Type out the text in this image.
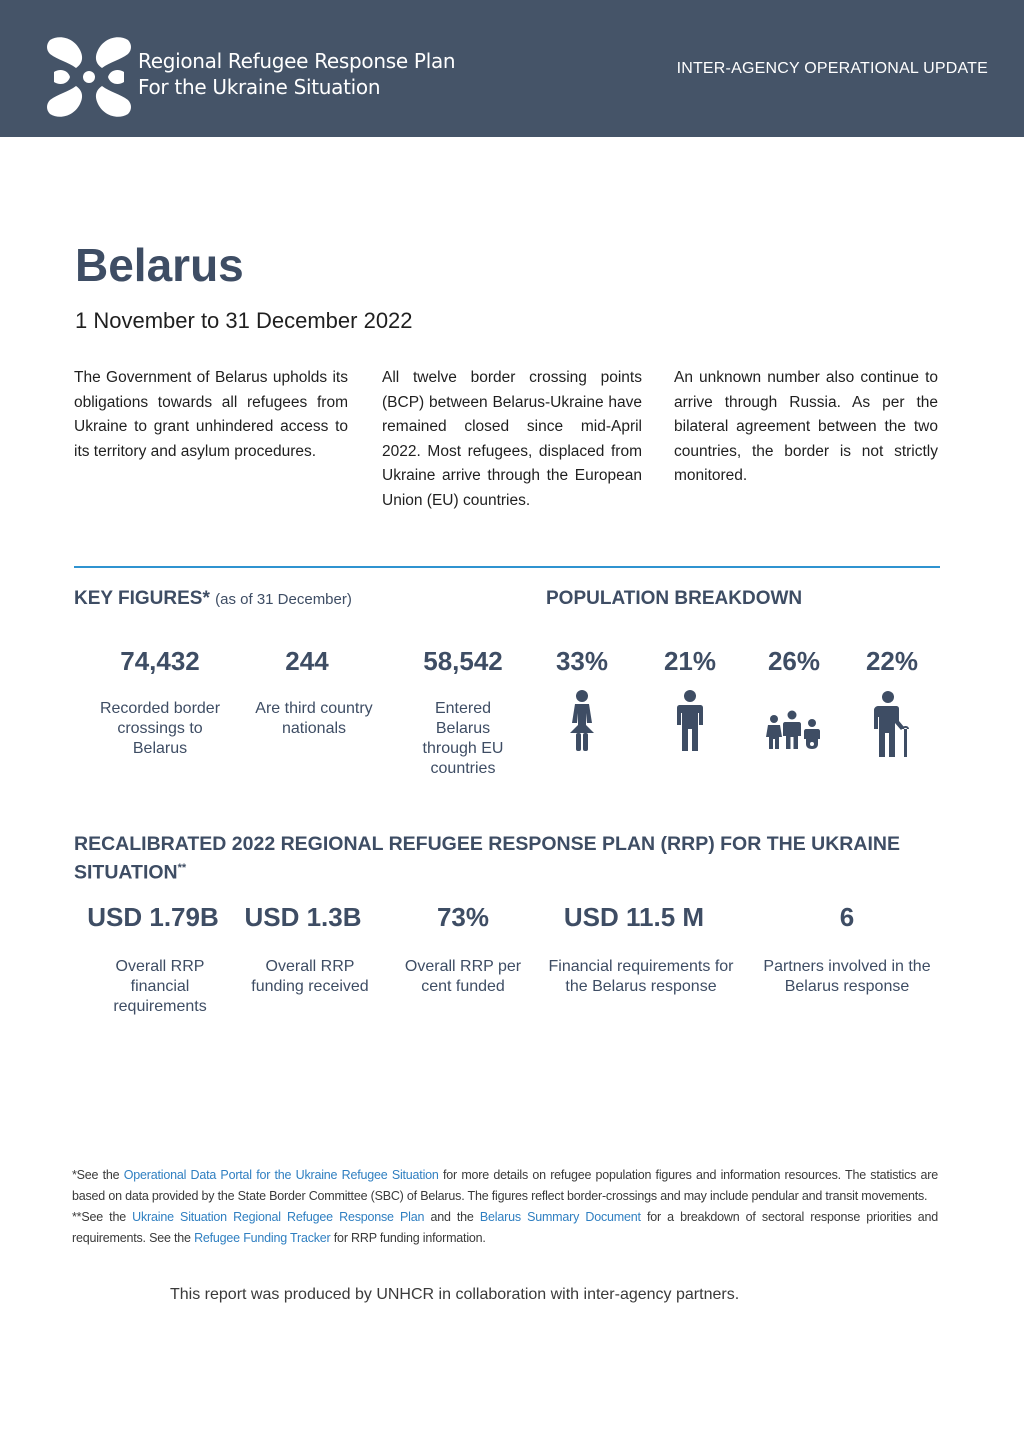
Regional Refugee Response Plan
For the Ukraine Situation
INTER-AGENCY OPERATIONAL UPDATE
Belarus
1 November to 31 December 2022
The Government of Belarus upholds its obligations towards all refugees from Ukraine to grant unhindered access to its territory and asylum procedures.
All twelve border crossing points (BCP) between Belarus-Ukraine have remained closed since mid-April 2022. Most refugees, displaced from Ukraine arrive through the European Union (EU) countries.
An unknown number also continue to arrive through Russia. As per the bilateral agreement between the two countries, the border is not strictly monitored.
KEY FIGURES* (as of 31 December)
74,432
Recorded border crossings to Belarus
244
Are third country nationals
58,542
Entered Belarus through EU countries
POPULATION BREAKDOWN
33%	21%	26%	22%
RECALIBRATED 2022 REGIONAL REFUGEE RESPONSE PLAN (RRP) FOR THE UKRAINE SITUATION**
USD 1.79B
Overall RRP financial requirements
USD 1.3B
Overall RRP funding received
73%
Overall RRP per cent funded
USD 11.5 M
Financial requirements for the Belarus response
6
Partners involved in the Belarus response
*See the Operational Data Portal for the Ukraine Refugee Situation for more details on refugee population figures and information resources. The statistics are based on data provided by the State Border Committee (SBC) of Belarus. The figures reflect border-crossings and may include pendular and transit movements.
**See the Ukraine Situation Regional Refugee Response Plan and the Belarus Summary Document for a breakdown of sectoral response priorities and requirements. See the Refugee Funding Tracker for RRP funding information.
This report was produced by UNHCR in collaboration with inter-agency partners.
